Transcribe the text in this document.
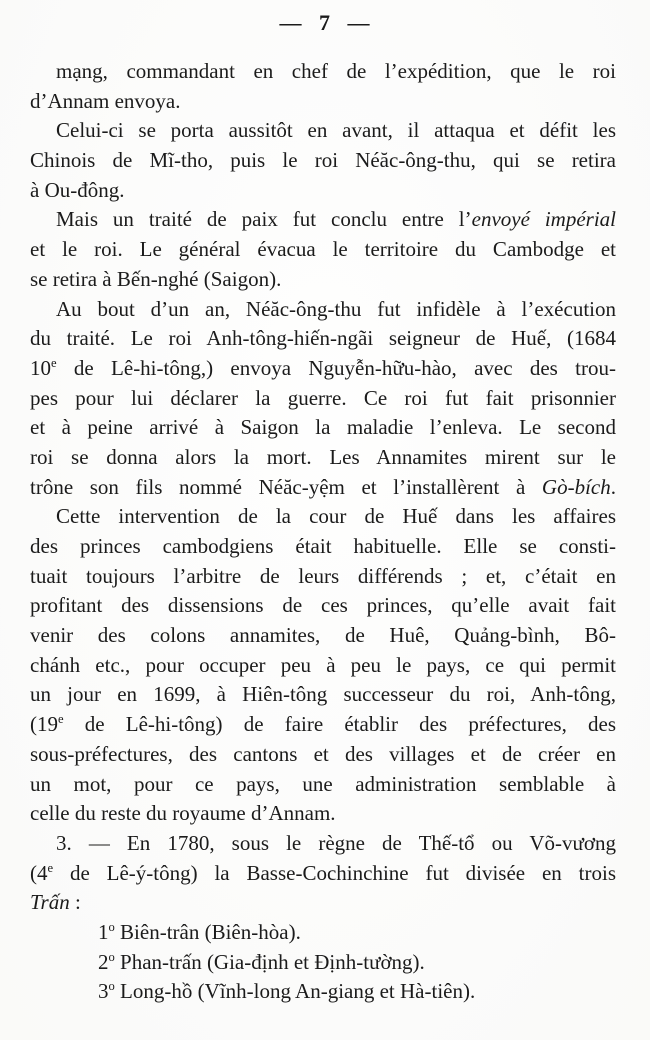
— 7 —
mạng, commandant en chef de l’expédition, que le roi
d’Annam envoya.
Celui-ci se porta aussitôt en avant, il attaqua et défit les
Chinois de Mĩ-tho, puis le roi Néăc-ông-thu, qui se retira
à Ou-đông.
Mais un traité de paix fut conclu entre l’envoyé impérial
et le roi. Le général évacua le territoire du Cambodge et
se retira à Bến-nghé (Saigon).
Au bout d’un an, Néăc-ông-thu fut infidèle à l’exécution
du traité. Le roi Anh-tông-hiến-ngãi seigneur de Huế, (1684
10e de Lê-hi-tông,) envoya Nguyễn-hữu-hào, avec des trou-
pes pour lui déclarer la guerre. Ce roi fut fait prisonnier
et à peine arrivé à Saigon la maladie l’enleva. Le second
roi se donna alors la mort. Les Annamites mirent sur le
trône son fils nommé Néăc-yệm et l’installèrent à Gò-bích.
Cette intervention de la cour de Huế dans les affaires
des princes cambodgiens était habituelle. Elle se consti-
tuait toujours l’arbitre de leurs différends ; et, c’était en
profitant des dissensions de ces princes, qu’elle avait fait
venir des colons annamites, de Huê, Quảng-bình, Bô-
chánh etc., pour occuper peu à peu le pays, ce qui permit
un jour en 1699, à Hiên-tông successeur du roi, Anh-tông,
(19e de Lê-hi-tông) de faire établir des préfectures, des
sous-préfectures, des cantons et des villages et de créer en
un mot, pour ce pays, une administration semblable à
celle du reste du royaume d’Annam.
3. — En 1780, sous le règne de Thế-tổ ou Võ-vương
(4e de Lê-ý-tông) la Basse-Cochinchine fut divisée en trois
Trấn :
1$^o$ Biên-trân (Biên-hòa).
2$^o$ Phan-trấn (Gia-định et Định-tường).
3$^o$ Long-hồ (Vĩnh-long An-giang et Hà-tiên).
